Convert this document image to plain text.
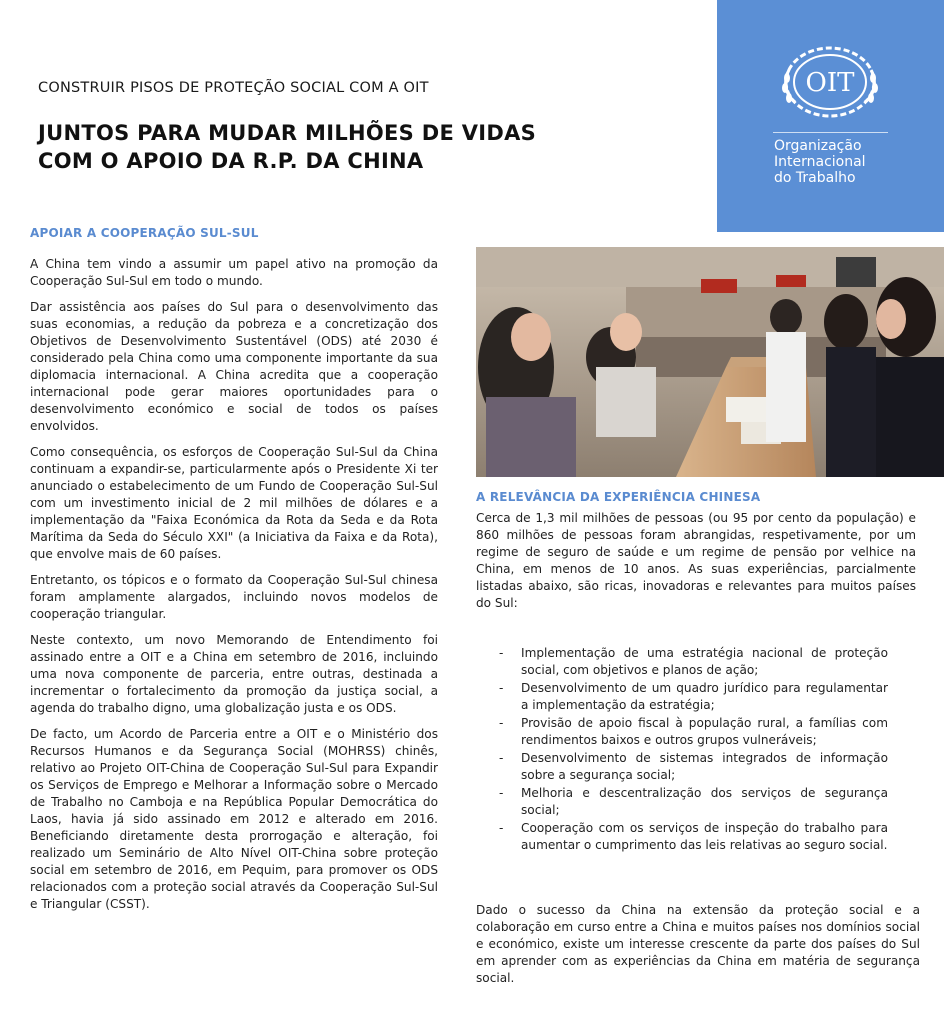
CONSTRUIR PISOS DE PROTEÇÃO SOCIAL COM A OIT
JUNTOS PARA MUDAR MILHÕES DE VIDAS
COM O APOIO DA R.P. DA CHINA
OIT
Organização
Internacional
do Trabalho
APOIAR A COOPERAÇÃO SUL-SUL

A China tem vindo a assumir um papel ativo na promoção da Cooperação Sul-Sul em todo o mundo.

Dar assistência aos países do Sul para o desenvolvimento das suas economias, a redução da pobreza e a concretização dos Objetivos de Desenvolvimento Sustentável (ODS) até 2030 é considerado pela China como uma componente importante da sua diplomacia internacional. A China acredita que a cooperação internacional pode gerar maiores oportunidades para o desenvolvimento económico e social de todos os países envolvidos.

Como consequência, os esforços de Cooperação Sul-Sul da China continuam a expandir-se, particularmente após o Presidente Xi ter anunciado o estabelecimento de um Fundo de Cooperação Sul-Sul com um investimento inicial de 2 mil milhões de dólares e a implementação da "Faixa Económica da Rota da Seda e da Rota Marítima da Seda do Século XXI" (a Iniciativa da Faixa e da Rota), que envolve mais de 60 países.

Entretanto, os tópicos e o formato da Cooperação Sul-Sul chinesa foram amplamente alargados, incluindo novos modelos de cooperação triangular.

Neste contexto, um novo Memorando de Entendimento foi assinado entre a OIT e a China em setembro de 2016, incluindo uma nova componente de parceria, entre outras, destinada a incrementar o fortalecimento da promoção da justiça social, a agenda do trabalho digno, uma globalização justa e os ODS.

De facto, um Acordo de Parceria entre a OIT e o Ministério dos Recursos Humanos e da Segurança Social (MOHRSS) chinês, relativo ao Projeto OIT-China de Cooperação Sul-Sul para Expandir os Serviços de Emprego e Melhorar a Informação sobre o Mercado de Trabalho no Camboja e na República Popular Democrática do Laos, havia já sido assinado em 2012 e alterado em 2016. Beneficiando diretamente desta prorrogação e alteração, foi realizado um Seminário de Alto Nível OIT-China sobre proteção social em setembro de 2016, em Pequim, para promover os ODS relacionados com a proteção social através da Cooperação Sul-Sul e Triangular (CSST).

A RELEVÂNCIA DA EXPERIÊNCIA CHINESA

Cerca de 1,3 mil milhões de pessoas (ou 95 por cento da população) e 860 milhões de pessoas foram abrangidas, respetivamente, por um regime de seguro de saúde e um regime de pensão por velhice na China, em menos de 10 anos. As suas experiências, parcialmente listadas abaixo, são ricas, inovadoras e relevantes para muitos países do Sul:

- Implementação de uma estratégia nacional de proteção social, com objetivos e planos de ação;
- Desenvolvimento de um quadro jurídico para regulamentar a implementação da estratégia;
- Provisão de apoio fiscal à população rural, a famílias com rendimentos baixos e outros grupos vulneráveis;
- Desenvolvimento de sistemas integrados de informação sobre a segurança social;
- Melhoria e descentralização dos serviços de segurança social;
- Cooperação com os serviços de inspeção do trabalho para aumentar o cumprimento das leis relativas ao seguro social.

Dado o sucesso da China na extensão da proteção social e a colaboração em curso entre a China e muitos países nos domínios social e económico, existe um interesse crescente da parte dos países do Sul em aprender com as experiências da China em matéria de segurança social.
